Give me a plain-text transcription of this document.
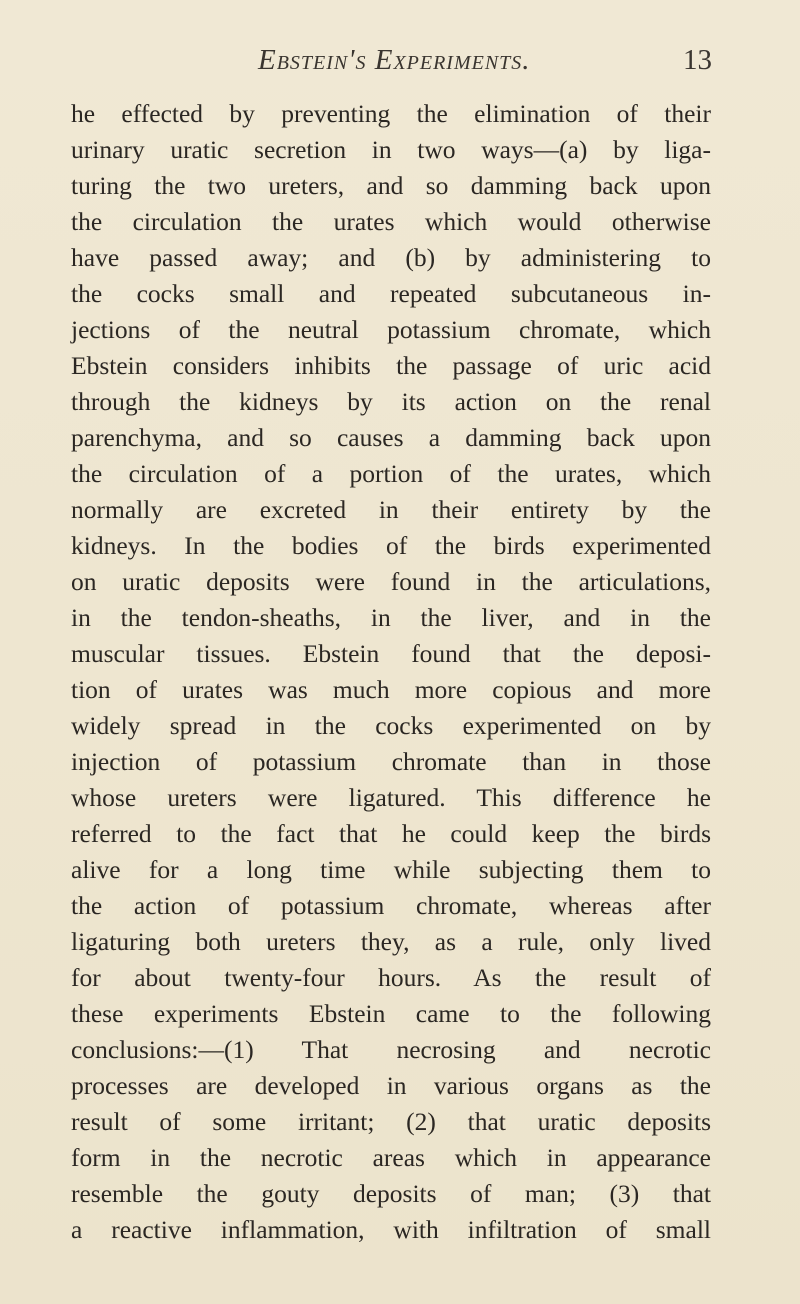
Ebstein's Experiments.	13
he effected by preventing the elimination of their
urinary uratic secretion in two ways—(a) by liga-
turing the two ureters, and so damming back upon
the circulation the urates which would otherwise
have passed away; and (b) by administering to
the cocks small and repeated subcutaneous in-
jections of the neutral potassium chromate, which
Ebstein considers inhibits the passage of uric acid
through the kidneys by its action on the renal
parenchyma, and so causes a damming back upon
the circulation of a portion of the urates, which
normally are excreted in their entirety by the
kidneys. In the bodies of the birds experimented
on uratic deposits were found in the articulations,
in the tendon-sheaths, in the liver, and in the
muscular tissues. Ebstein found that the deposi-
tion of urates was much more copious and more
widely spread in the cocks experimented on by
injection of potassium chromate than in those
whose ureters were ligatured. This difference he
referred to the fact that he could keep the birds
alive for a long time while subjecting them to
the action of potassium chromate, whereas after
ligaturing both ureters they, as a rule, only lived
for about twenty-four hours. As the result of
these experiments Ebstein came to the following
conclusions:—(1) That necrosing and necrotic
processes are developed in various organs as the
result of some irritant; (2) that uratic deposits
form in the necrotic areas which in appearance
resemble the gouty deposits of man; (3) that
a reactive inflammation, with infiltration of small
